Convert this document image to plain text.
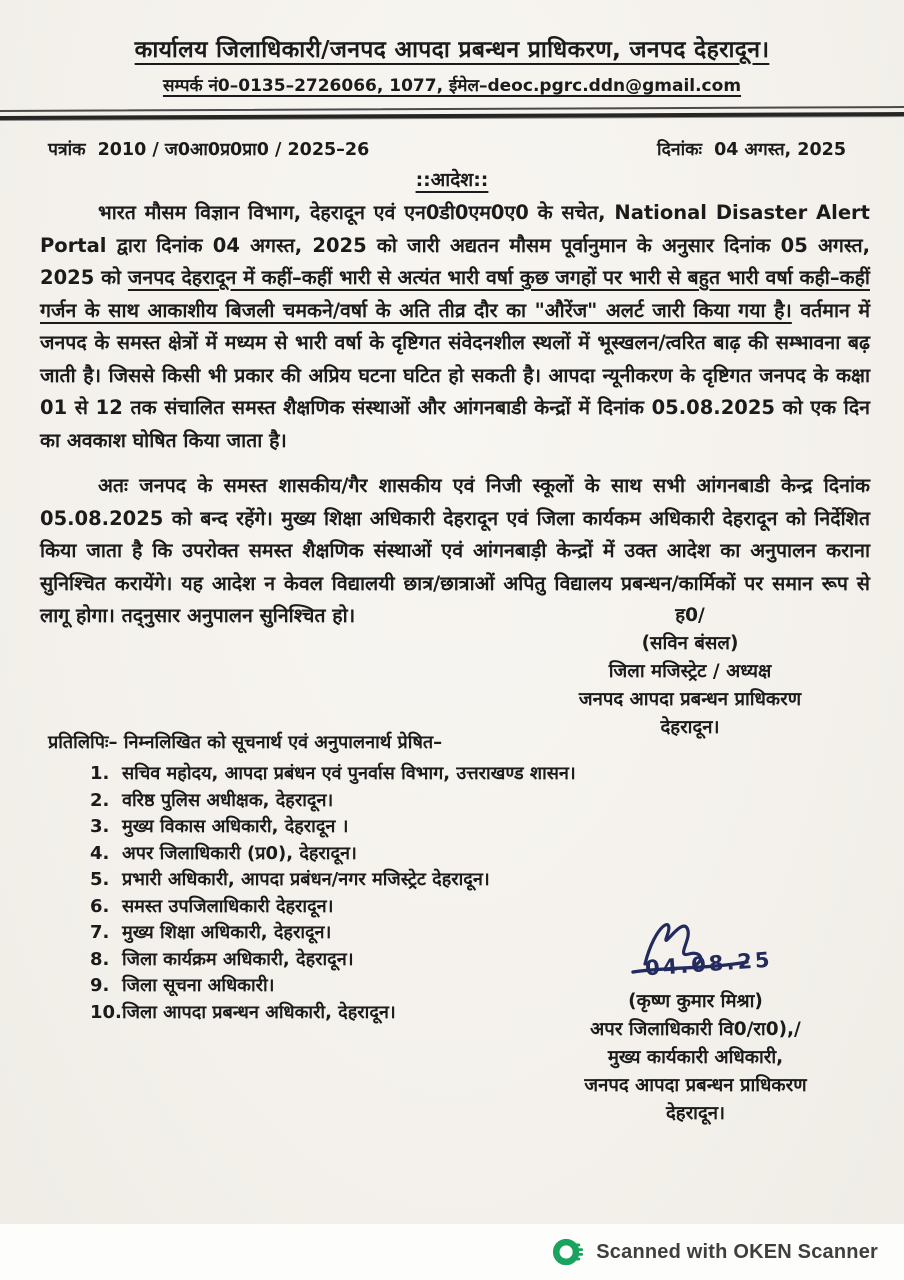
कार्यालय जिलाधिकारी/जनपद आपदा प्रबन्धन प्राधिकरण, जनपद देहरादून।
सम्पर्क नं0–0135–2726066, 1077, ईमेल–deoc.pgrc.ddn@gmail.com
पत्रांक 2010 / ज0आ0प्र0प्रा0 / 2025–26	दिनांकः 04 अगस्त, 2025
::आदेश::

भारत मौसम विज्ञान विभाग, देहरादून एवं एन0डी0एम0ए0 के सचेत, National Disaster Alert Portal द्वारा दिनांक 04 अगस्त, 2025 को जारी अद्यतन मौसम पूर्वानुमान के अनुसार दिनांक 05 अगस्त, 2025 को जनपद देहरादून में कहीं–कहीं भारी से अत्यंत भारी वर्षा कुछ जगहों पर भारी से बहुत भारी वर्षा कही–कहीं गर्जन के साथ आकाशीय बिजली चमकने/वर्षा के अति तीव्र दौर का "औरेंज" अलर्ट जारी किया गया है। वर्तमान में जनपद के समस्त क्षेत्रों में मध्यम से भारी वर्षा के दृष्टिगत संवेदनशील स्थलों में भूस्खलन/त्वरित बाढ़ की सम्भावना बढ़ जाती है। जिससे किसी भी प्रकार की अप्रिय घटना घटित हो सकती है। आपदा न्यूनीकरण के दृष्टिगत जनपद के कक्षा 01 से 12 तक संचालित समस्त शैक्षणिक संस्थाओं और आंगनबाडी केन्द्रों में दिनांक 05.08.2025 को एक दिन का अवकाश घोषित किया जाता है।

अतः जनपद के समस्त शासकीय/गैर शासकीय एवं निजी स्कूलों के साथ सभी आंगनबाडी केन्द्र दिनांक 05.08.2025 को बन्द रहेंगे। मुख्य शिक्षा अधिकारी देहरादून एवं जिला कार्यकम अधिकारी देहरादून को निर्देशित किया जाता है कि उपरोक्त समस्त शैक्षणिक संस्थाओं एवं आंगनबाड़ी केन्द्रों में उक्त आदेश का अनुपालन कराना सुनिश्चित करायेंगे। यह आदेश न केवल विद्यालयी छात्र/छात्राओं अपितु विद्यालय प्रबन्धन/कार्मिकों पर समान रूप से लागू होगा। तद्नुसार अनुपालन सुनिश्चित हो।	ह0/
(सविन बंसल)
जिला मजिस्ट्रेट / अध्यक्ष
जनपद आपदा प्रबन्धन प्राधिकरण
देहरादून।
प्रतिलिपिः– निम्नलिखित को सूचनार्थ एवं अनुपालनार्थ प्रेषित–
1. सचिव महोदय, आपदा प्रबंधन एवं पुनर्वास विभाग, उत्तराखण्ड शासन।
2. वरिष्ठ पुलिस अधीक्षक, देहरादून।
3. मुख्य विकास अधिकारी, देहरादून ।
4. अपर जिलाधिकारी (प्र0), देहरादून।
5. प्रभारी अधिकारी, आपदा प्रबंधन/नगर मजिस्ट्रेट देहरादून।
6. समस्त उपजिलाधिकारी देहरादून।
7. मुख्य शिक्षा अधिकारी, देहरादून।
8. जिला कार्यक्रम अधिकारी, देहरादून।
9. जिला सूचना अधिकारी।
10. जिला आपदा प्रबन्धन अधिकारी, देहरादून।
04.08.25
(कृष्ण कुमार मिश्रा)
अपर जिलाधिकारी वि0/रा0),/
मुख्य कार्यकारी अधिकारी,
जनपद आपदा प्रबन्धन प्राधिकरण
देहरादून।
Scanned with OKEN Scanner
